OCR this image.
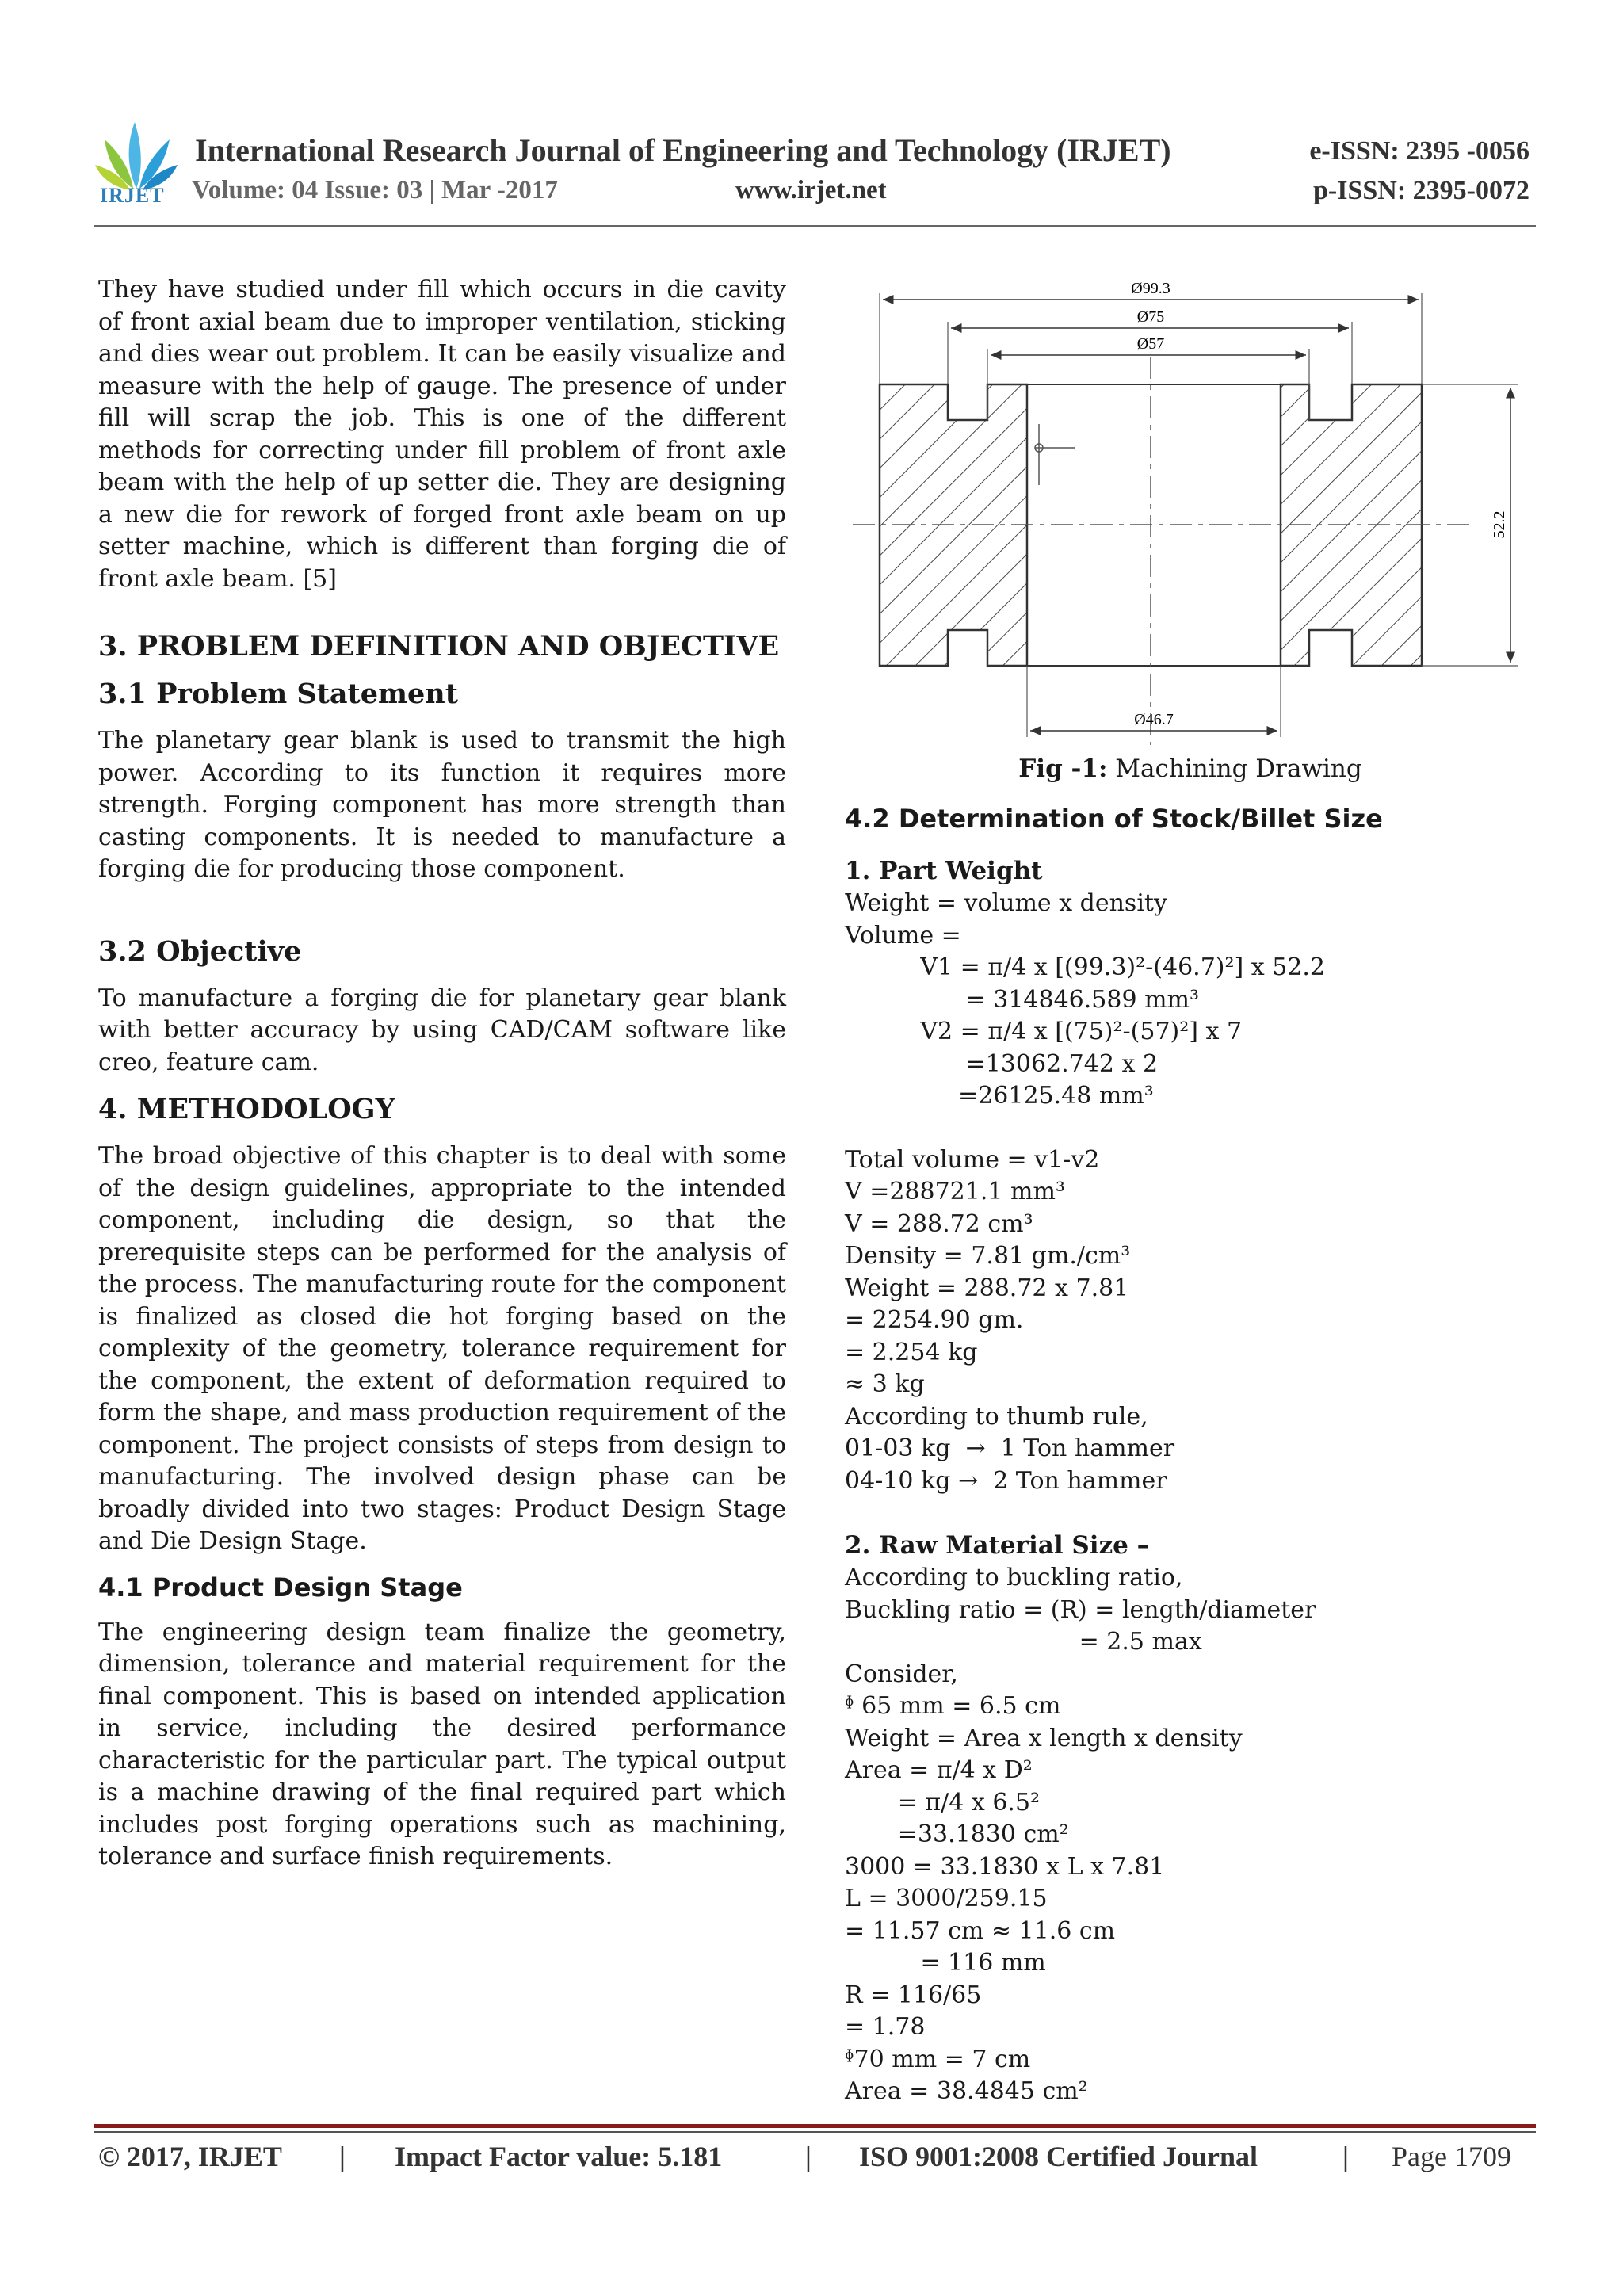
IRJET
International Research Journal of Engineering and Technology (IRJET)	e-ISSN: 2395 -0056
Volume: 04 Issue: 03 | Mar -2017	www.irjet.net	p-ISSN: 2395-0072

They have studied under fill which occurs in die cavity of front axial beam due to improper ventilation, sticking and dies wear out problem. It can be easily visualize and measure with the help of gauge. The presence of under fill will scrap the job. This is one of the different methods for correcting under fill problem of front axle beam with the help of up setter die. They are designing a new die for rework of forged front axle beam on up setter machine, which is different than forging die of front axle beam. [5]

3. PROBLEM DEFINITION AND OBJECTIVE
3.1 Problem Statement

The planetary gear blank is used to transmit the high power. According to its function it requires more strength. Forging component has more strength than casting components. It is needed to manufacture a forging die for producing those component.

3.2 Objective

To manufacture a forging die for planetary gear blank with better accuracy by using CAD/CAM software like creo, feature cam.

4. METHODOLOGY

The broad objective of this chapter is to deal with some of the design guidelines, appropriate to the intended component, including die design, so that the prerequisite steps can be performed for the analysis of the process. The manufacturing route for the component is finalized as closed die hot forging based on the complexity of the geometry, tolerance requirement for the component, the extent of deformation required to form the shape, and mass production requirement of the component. The project consists of steps from design to manufacturing. The involved design phase can be broadly divided into two stages: Product Design Stage and Die Design Stage.

4.1 Product Design Stage

The engineering design team finalize the geometry, dimension, tolerance and material requirement for the final component. This is based on intended application in service, including the desired performance characteristic for the particular part. The typical output is a machine drawing of the final required part which includes post forging operations such as machining, tolerance and surface finish requirements.

Ø99.3
Ø75
Ø57
Ø46.7
52.2
Fig -1: Machining Drawing
4.2 Determination of Stock/Billet Size
1. Part Weight
Weight = volume x density
Volume =
V1 = π/4 x [(99.3)²-(46.7)²] x 52.2
= 314846.589 mm³
V2 = π/4 x [(75)²-(57)²] x 7
=13062.742 x 2
=26125.48 mm³
Total volume = v1-v2
V =288721.1 mm³
V = 288.72 cm³
Density = 7.81 gm./cm³
Weight = 288.72 x 7.81
= 2254.90 gm.
= 2.254 kg
≈ 3 kg
According to thumb rule,
01-03 kg  →  1 Ton hammer
04-10 kg →  2 Ton hammer
2. Raw Material Size –
According to buckling ratio,
Buckling ratio = (R) = length/diameter
= 2.5 max
Consider,
ᶲ 65 mm = 6.5 cm
Weight = Area x length x density
Area = π/4 x D²
= π/4 x 6.5²
=33.1830 cm²
3000 = 33.1830 x L x 7.81
L = 3000/259.15
= 11.57 cm ≈ 11.6 cm
= 116 mm
R = 116/65
= 1.78
ᶲ70 mm = 7 cm
Area = 38.4845 cm²
© 2017, IRJET | Impact Factor value: 5.181	| ISO 9001:2008 Certified Journal	| Page 1709
